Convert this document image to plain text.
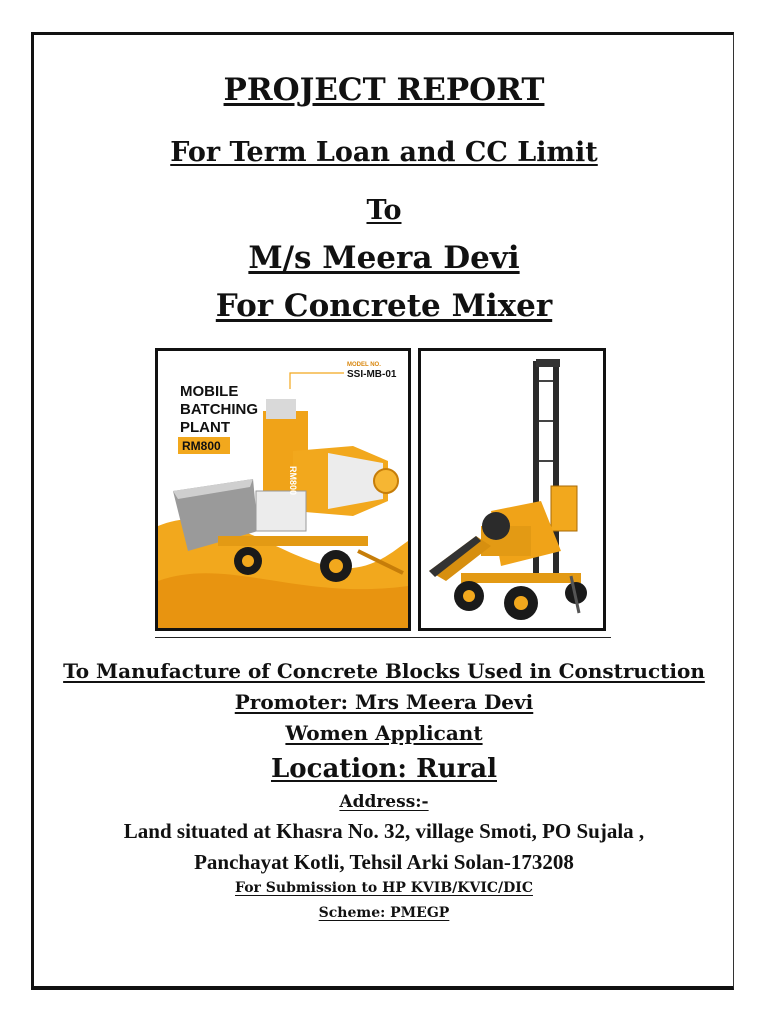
PROJECT REPORT
For Term Loan and CC Limit
To
M/s Meera Devi
For Concrete Mixer
MOBILE
BATCHING
PLANT
RM800
MODEL NO.
SSI-MB-01
RM800
To Manufacture of Concrete Blocks Used in Construction
Promoter: Mrs Meera Devi
Women Applicant
Location: Rural
Address:-
Land situated at Khasra No. 32, village Smoti, PO Sujala ,
Panchayat Kotli, Tehsil Arki Solan-173208
For Submission to HP KVIB/KVIC/DIC
Scheme: PMEGP
